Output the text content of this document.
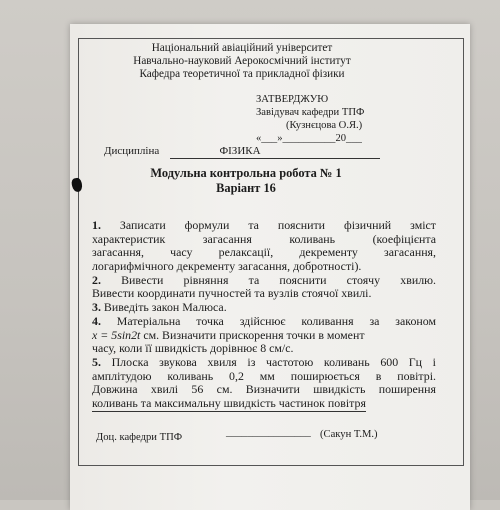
Національний авіаційний університет
Навчально-науковий Аерокосмічний інститут
Кафедра теоретичної та прикладної фізики
ЗАТВЕРДЖУЮ
Завідувач кафедри ТПФ
(Кузнєцова О.Я.)
«___»__________20___
Дисципліна	ФІЗИКА
Модульна контрольна робота № 1
Варіант 16
1. Записати формули та пояснити фізичний зміст
характеристик загасання коливань (коефіцієнта
загасання, часу релаксації, декременту загасання,
логарифмічного декременту загасання, добротності).
2. Вивести рівняння та пояснити стоячу хвилю.
Вивести координати пучностей та вузлів стоячої хвилі.
3. Виведіть закон Малюса.
4. Матеріальна точка здійснює коливання за законом
x = 5sin2t см. Визначити прискорення точки в момент
часу, коли її швидкість дорівнює 8 см/с.
5. Плоска звукова хвиля із частотою коливань 600 Гц і
амплітудою коливань 0,2 мм поширюється в повітрі.
Довжина хвилі 56 см. Визначити швидкість поширення
коливань та максимальну швидкість частинок повітря
Доц. кафедри ТПФ	________________ (Сакун Т.М.)
